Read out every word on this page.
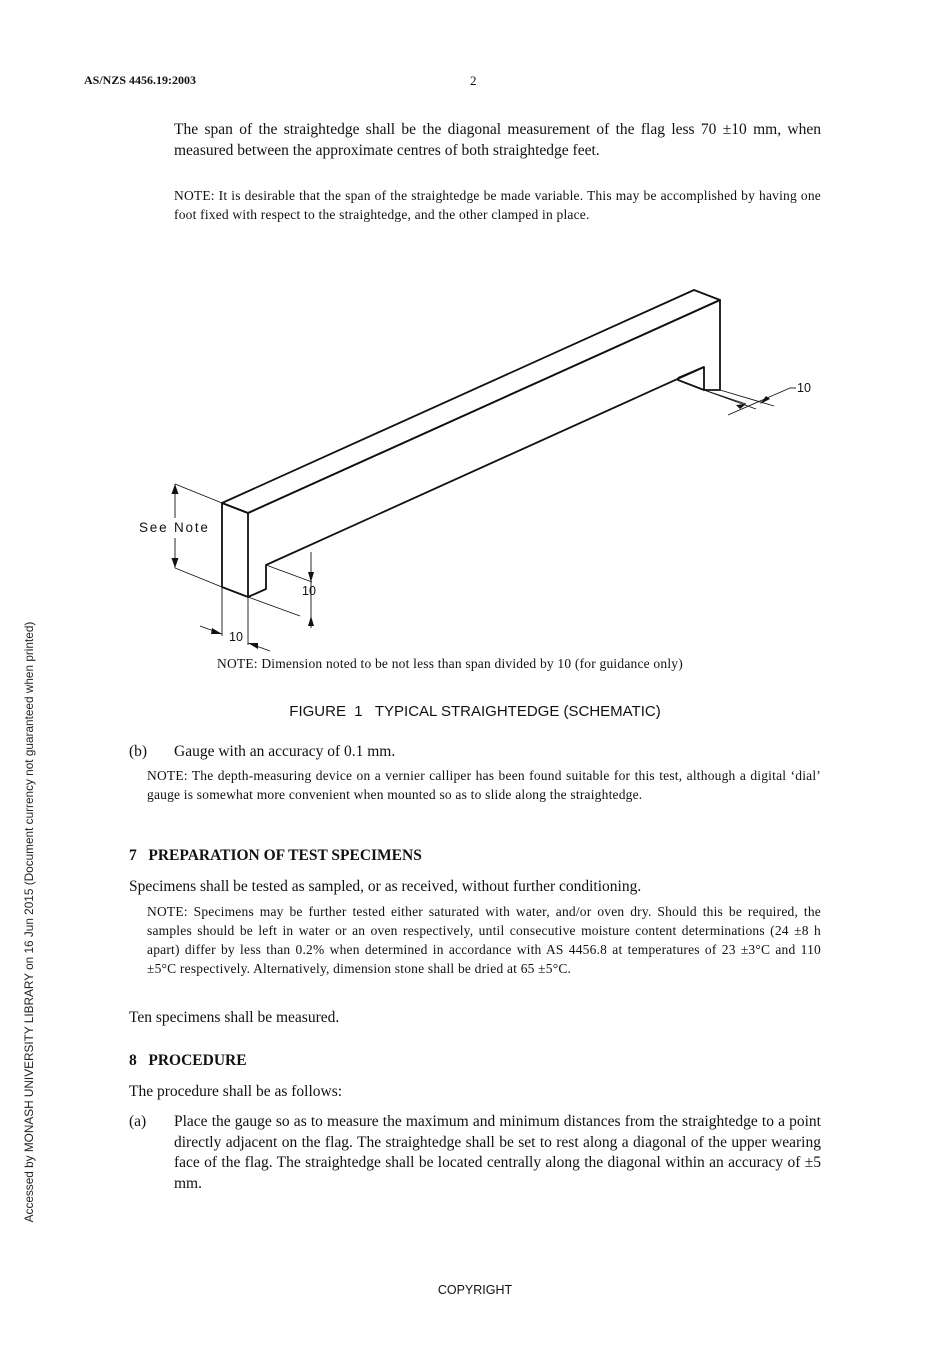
AS/NZS 4456.19:2003	2
Accessed by MONASH UNIVERSITY LIBRARY on 16 Jun 2015 (Document currency not guaranteed when printed)
The span of the straightedge shall be the diagonal measurement of the flag less 70 ±10 mm, when measured between the approximate centres of both straightedge feet.
NOTE: It is desirable that the span of the straightedge be made variable. This may be accomplished by having one foot fixed with respect to the straightedge, and the other clamped in place.
See Note
10
10
10
NOTE: Dimension noted to be not less than span divided by 10 (for guidance only)
FIGURE  1   TYPICAL STRAIGHTEDGE (SCHEMATIC)
(b) Gauge with an accuracy of 0.1 mm.
NOTE: The depth-measuring device on a vernier calliper has been found suitable for this test, although a digital ‘dial’ gauge is somewhat more convenient when mounted so as to slide along the straightedge.
7   PREPARATION OF TEST SPECIMENS
Specimens shall be tested as sampled, or as received, without further conditioning.
NOTE: Specimens may be further tested either saturated with water, and/or oven dry. Should this be required, the samples should be left in water or an oven respectively, until consecutive moisture content determinations (24 ±8 h apart) differ by less than 0.2% when determined in accordance with AS 4456.8 at temperatures of 23 ±3°C and 110 ±5°C respectively. Alternatively, dimension stone shall be dried at 65 ±5°C.
Ten specimens shall be measured.
8   PROCEDURE
The procedure shall be as follows:
(a) Place the gauge so as to measure the maximum and minimum distances from the straightedge to a point directly adjacent on the flag. The straightedge shall be set to rest along a diagonal of the upper wearing face of the flag. The straightedge shall be located centrally along the diagonal within an accuracy of ±5 mm.
COPYRIGHT
